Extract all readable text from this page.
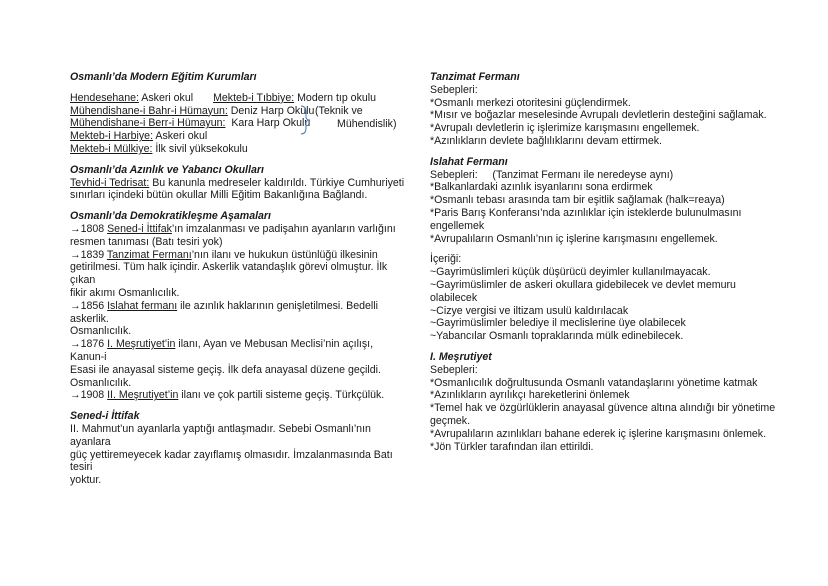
Osmanlı’da Modern Eğitim Kurumları

Hendesehane: Askeri okul Mekteb-i Tıbbiye: Modern tıp okulu
Mühendishane-i Bahr-i Hümayun: Deniz Harp Okulu
Mühendishane-i Berr-i Hümayun: Kara Harp Okulu
Mekteb-i Harbiye: Askeri okul
Mekteb-i Mülkiye: İlk sivil yüksekokulu
(Teknik ve
Mühendislik)

Osmanlı’da Azınlık ve Yabancı Okulları

Tevhid-i Tedrisat: Bu kanunla medreseler kaldırıldı. Türkiye Cumhuriyeti

sınırları içindeki bütün okullar Milli Eğitim Bakanlığına Bağlandı.

Osmanlı’da Demokratikleşme Aşamaları

→1808 Sened-i İttifak’ın imzalanması ve padişahın ayanların varlığını

resmen tanıması (Batı tesiri yok)

→1839 Tanzimat Fermanı’nın ilanı ve hukukun üstünlüğü ilkesinin

getirilmesi. Tüm halk içindir. Askerlik vatandaşlık görevi olmuştur. İlk çıkan

fikir akımı Osmanlıcılık.

→1856 Islahat fermanı ile azınlık haklarının genişletilmesi. Bedelli askerlik.

Osmanlıcılık.

→1876 I. Meşrutiyet’in ilanı, Ayan ve Mebusan Meclisi’nin açılışı, Kanun-i

Esasi ile anayasal sisteme geçiş. İlk defa anayasal düzene geçildi.

Osmanlıcılık.

→1908 II. Meşrutiyet’in ilanı ve çok partili sisteme geçiş. Türkçülük.

Sened-i İttifak

II. Mahmut’un ayanlarla yaptığı antlaşmadır. Sebebi Osmanlı’nın ayanlara

güç yettiremeyecek kadar zayıflamış olmasıdır. İmzalanmasında Batı tesiri

yoktur.

Tanzimat Fermanı

Sebepleri:

*Osmanlı merkezi otoritesini güçlendirmek.

*Mısır ve boğazlar meselesinde Avrupalı devletlerin desteğini sağlamak.

*Avrupalı devletlerin iç işlerimize karışmasını engellemek.

*Azınlıkların devlete bağlılıklarını devam ettirmek.

Islahat Fermanı

Sebepleri:     (Tanzimat Fermanı ile neredeyse aynı)

*Balkanlardaki azınlık isyanlarını sona erdirmek

*Osmanlı tebası arasında tam bir eşitlik sağlamak (halk=reaya)

*Paris Barış Konferansı’nda azınlıklar için isteklerde bulunulmasını

engellemek

*Avrupalıların Osmanlı’nın iç işlerine karışmasını engellemek.

İçeriği:

~Gayrimüslimleri küçük düşürücü deyimler kullanılmayacak.

~Gayrimüslimler de askeri okullara gidebilecek ve devlet memuru

olabilecek

~Cizye vergisi ve iltizam usulü kaldırılacak

~Gayrimüslimler belediye il meclislerine üye olabilecek

~Yabancılar Osmanlı topraklarında mülk edinebilecek.

I. Meşrutiyet

Sebepleri:

*Osmanlıcılık doğrultusunda Osmanlı vatandaşlarını yönetime katmak

*Azınlıkların ayrılıkçı hareketlerini önlemek

*Temel hak ve özgürlüklerin anayasal güvence altına alındığı bir yönetime

geçmek.

*Avrupalıların azınlıkları bahane ederek iç işlerine karışmasını önlemek.

*Jön Türkler tarafından ilan ettirildi.
